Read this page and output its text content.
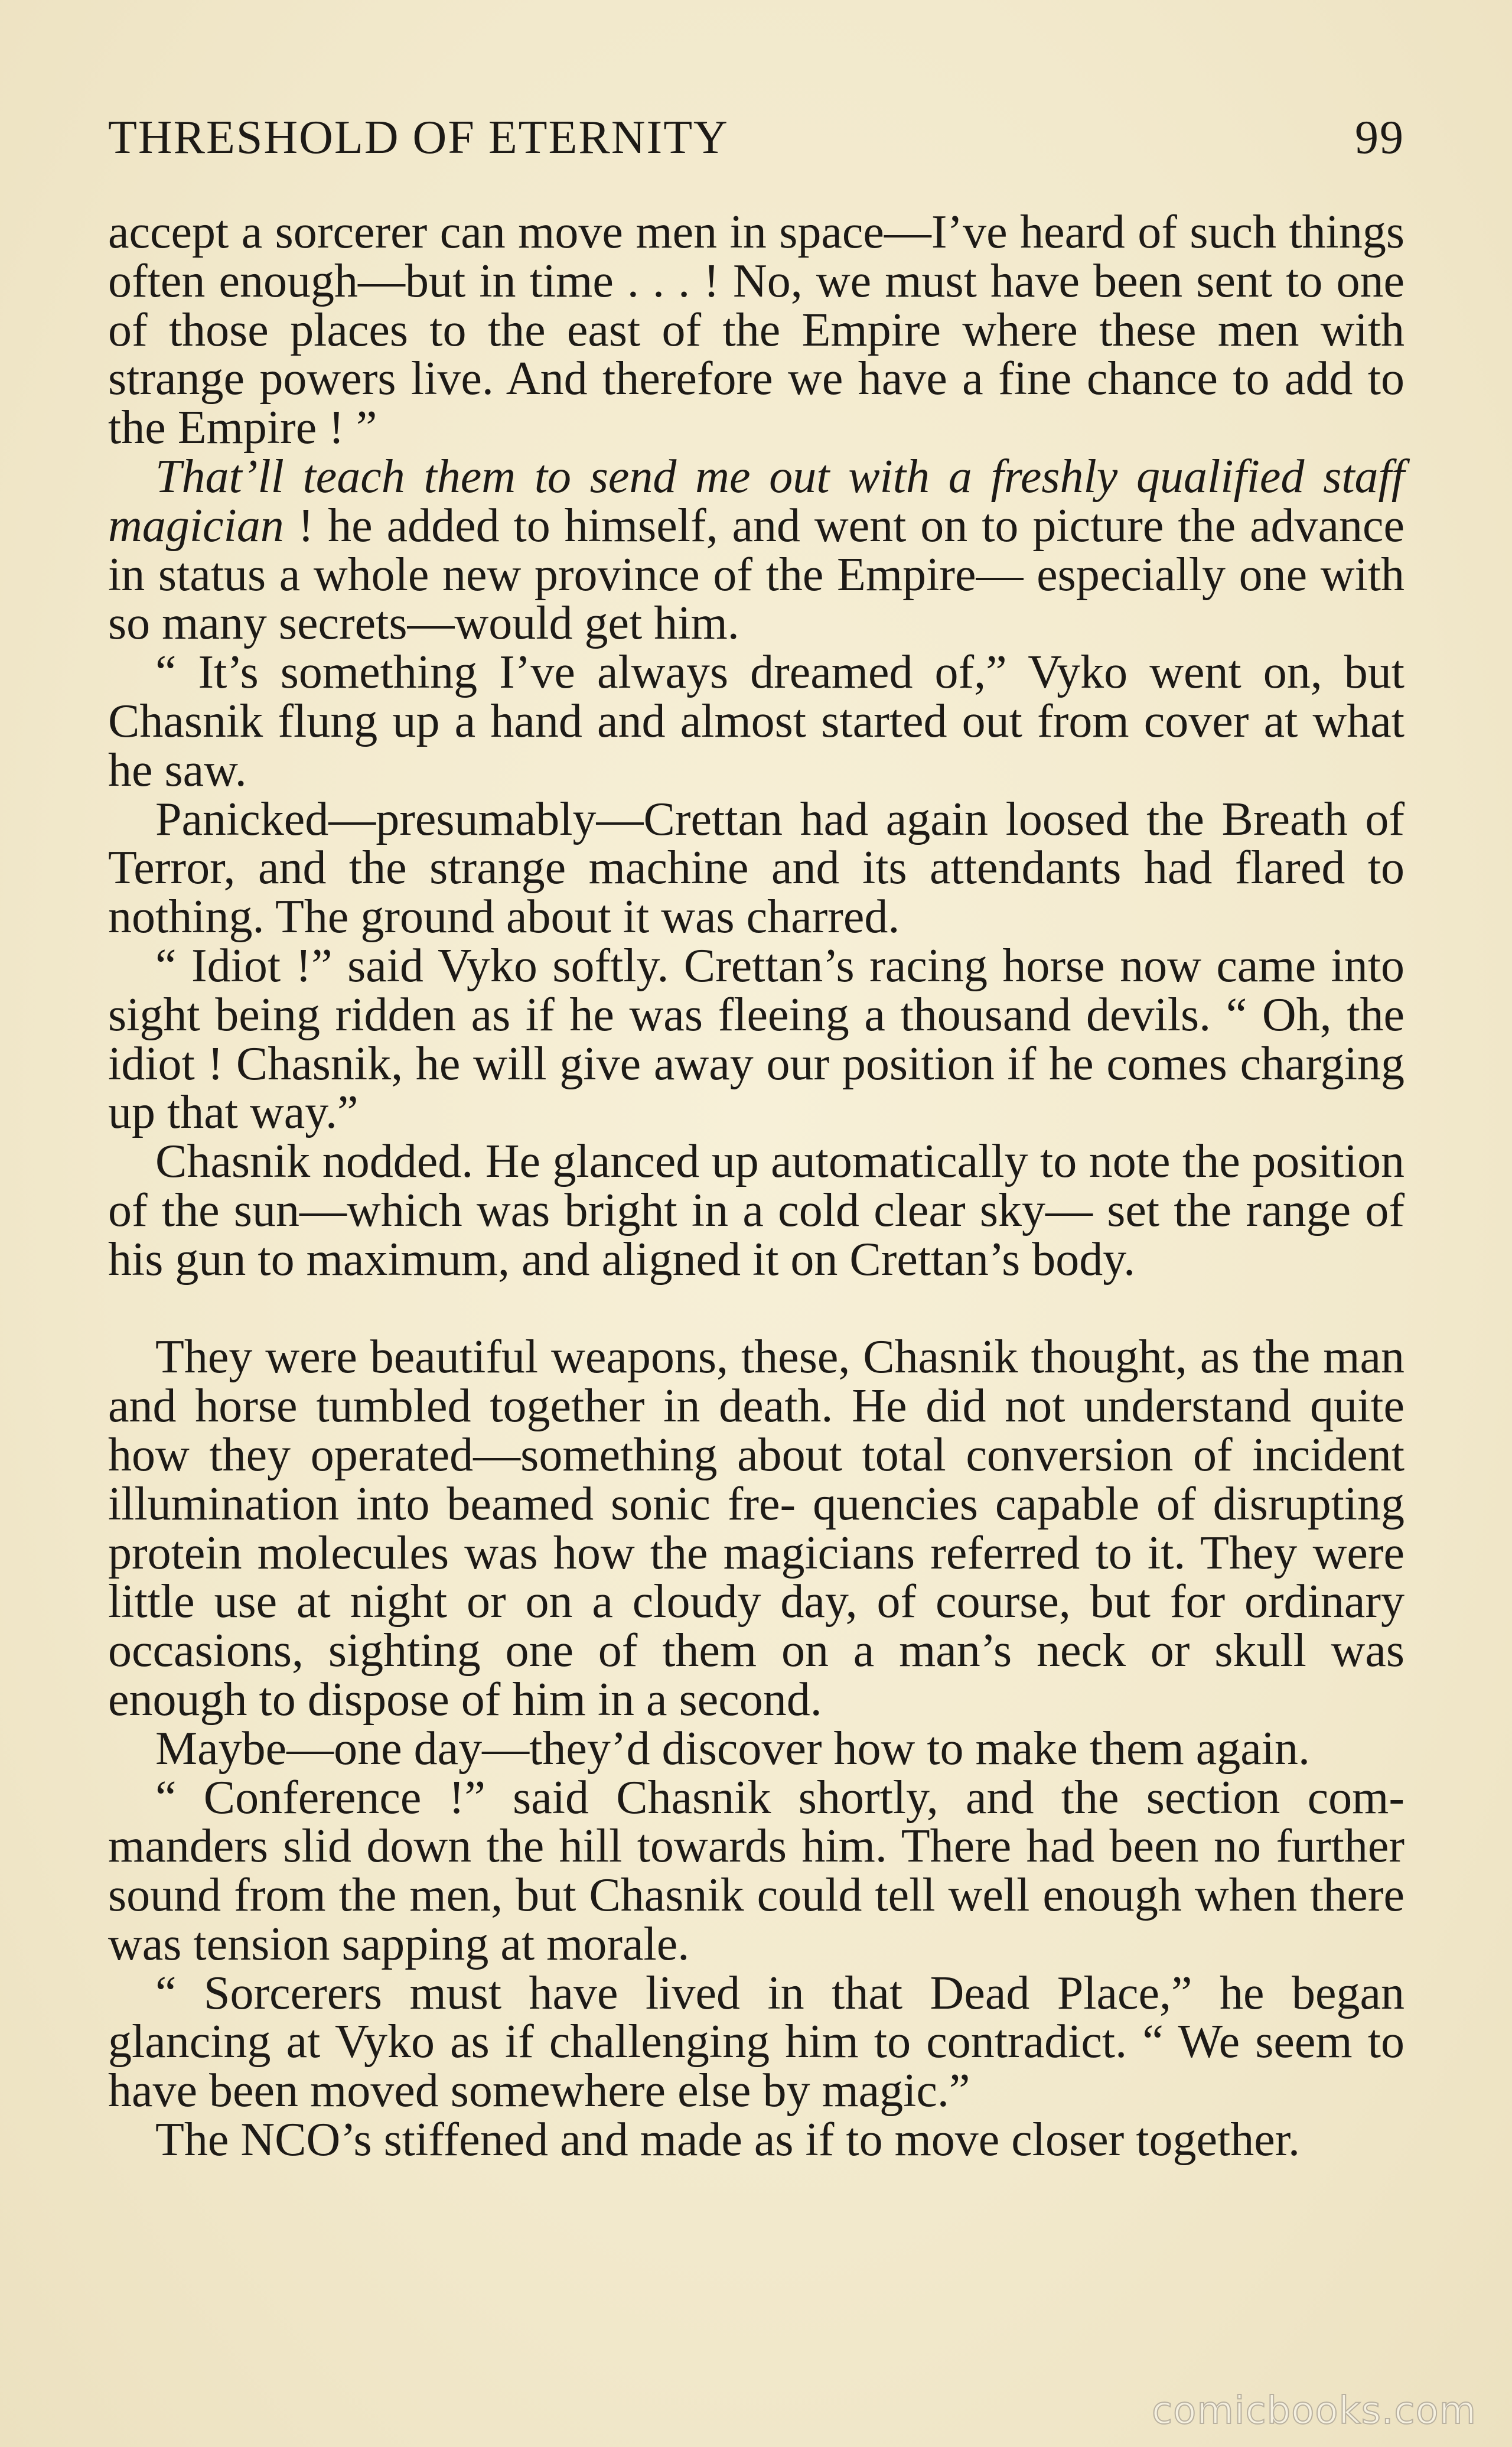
THRESHOLD OF ETERNITY	99

accept a sorcerer can move men in space—I’ve heard of such things often enough—but in time . . . ! No, we must have been sent to one of those places to the east of the Empire where these men with strange powers live. And therefore we have a fine chance to add to the Empire ! ”

That’ll teach them to send me out with a freshly qualified staff magician ! he added to himself, and went on to picture the advance in status a whole new province of the Empire— especially one with so many secrets—would get him.

“ It’s something I’ve always dreamed of,” Vyko went on, but Chasnik flung up a hand and almost started out from cover at what he saw.

Panicked—presumably—Crettan had again loosed the Breath of Terror, and the strange machine and its attendants had flared to nothing. The ground about it was charred.

“ Idiot !” said Vyko softly. Crettan’s racing horse now came into sight being ridden as if he was fleeing a thousand devils. “ Oh, the idiot ! Chasnik, he will give away our position if he comes charging up that way.”

Chasnik nodded. He glanced up automatically to note the position of the sun—which was bright in a cold clear sky— set the range of his gun to maximum, and aligned it on Crettan’s body.

They were beautiful weapons, these, Chasnik thought, as the man and horse tumbled together in death. He did not understand quite how they operated—something about total conversion of incident illumination into beamed sonic fre- quencies capable of disrupting protein molecules was how the magicians referred to it. They were little use at night or on a cloudy day, of course, but for ordinary occasions, sighting one of them on a man’s neck or skull was enough to dispose of him in a second.

Maybe—one day—they’d discover how to make them again.

“ Conference !” said Chasnik shortly, and the section com- manders slid down the hill towards him. There had been no further sound from the men, but Chasnik could tell well enough when there was tension sapping at morale.

“ Sorcerers must have lived in that Dead Place,” he began glancing at Vyko as if challenging him to contradict. “ We seem to have been moved somewhere else by magic.”

The NCO’s stiffened and made as if to move closer together.

comicbooks.com
